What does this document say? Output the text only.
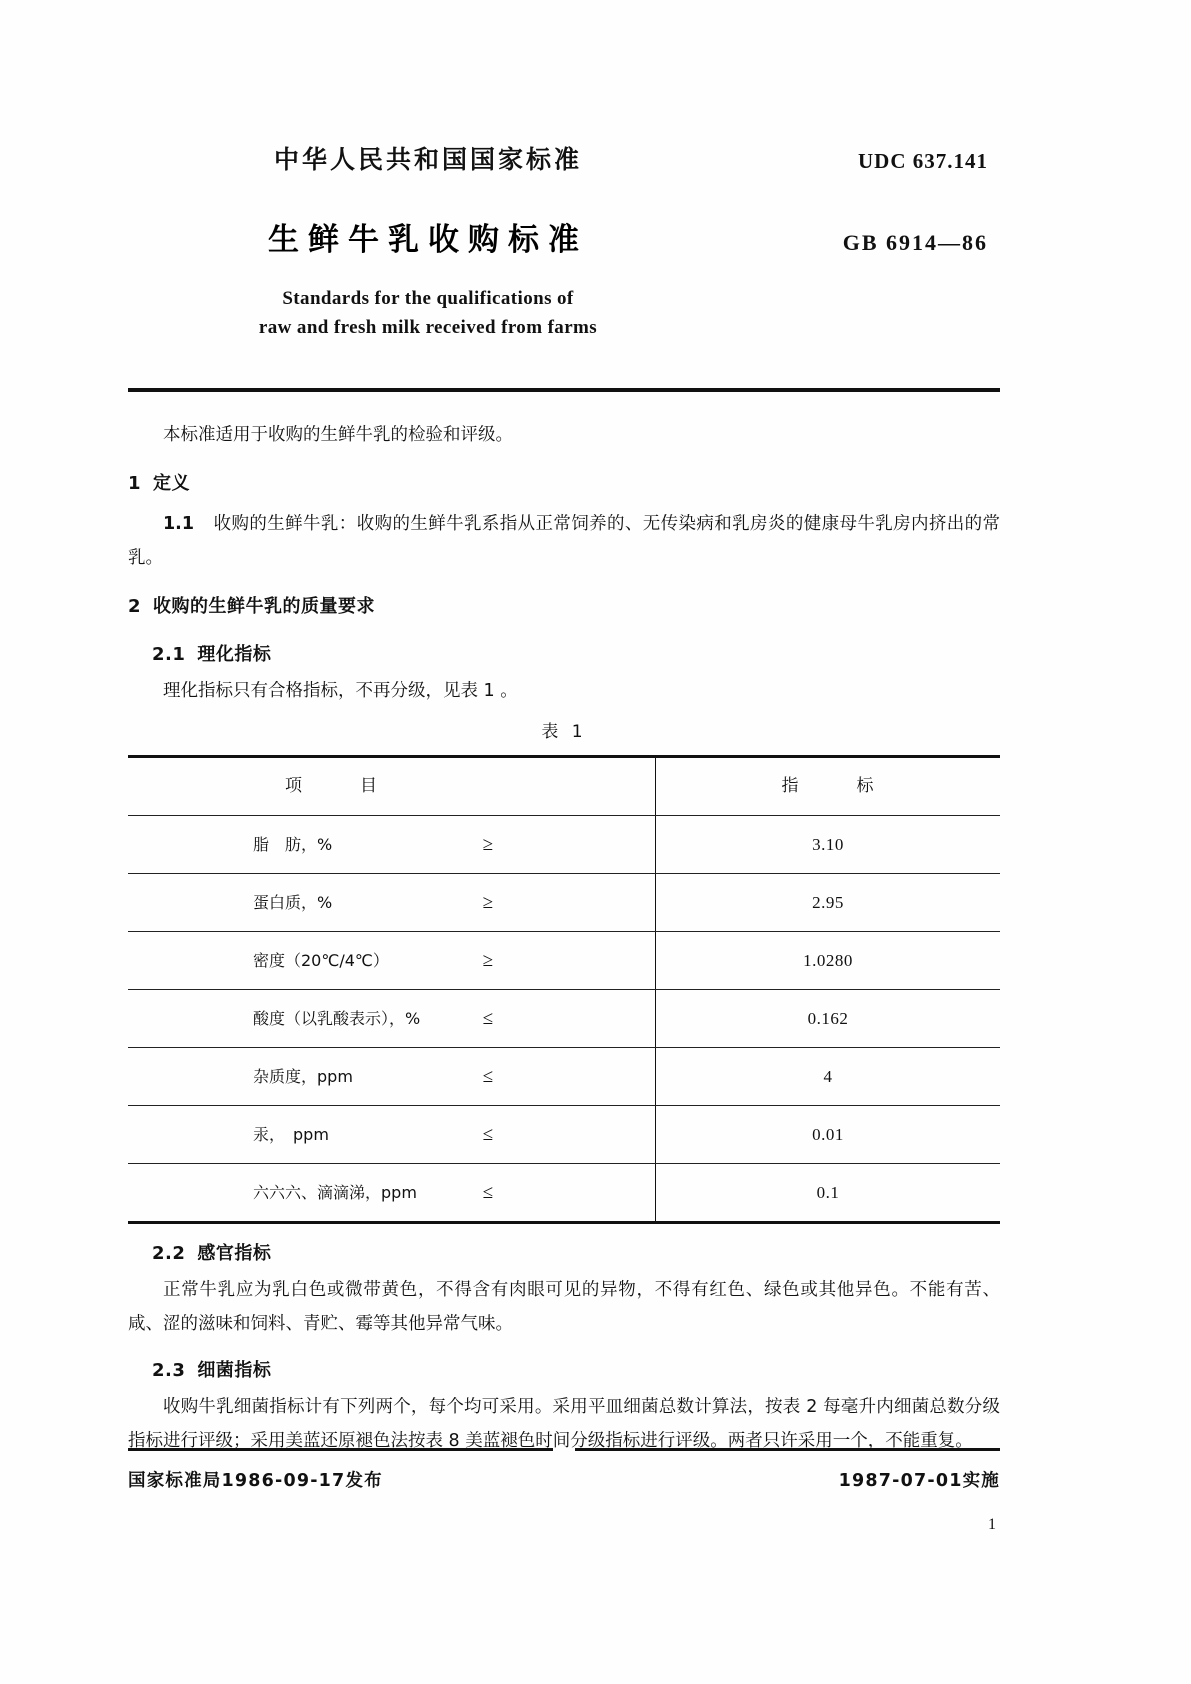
中华人民共和国国家标准	UDC 637.141
生鲜牛乳收购标准	GB 6914—86
Standards for the qualifications of
raw and fresh milk received from farms

本标准适用于收购的生鲜牛乳的检验和评级。

1 定义

1.1 收购的生鲜牛乳：收购的生鲜牛乳系指从正常饲养的、无传染病和乳房炎的健康母牛乳房内挤出的常乳。

2 收购的生鲜牛乳的质量要求
2.1 理化指标

理化指标只有合格指标，不再分级，见表 1 。

表 1
项 目	指 标

脂　肪，% ≥	3.10

蛋白质，% ≥	2.95

密度（20℃/4℃） ≥	1.0280

酸度（以乳酸表示），% ≤	0.162

杂质度，ppm ≤	4

汞，　ppm ≤	0.01

六六六、滴滴涕，ppm ≤	0.1
2.2 感官指标

正常牛乳应为乳白色或微带黄色，不得含有肉眼可见的异物，不得有红色、绿色或其他异色。不能有苦、咸、涩的滋味和饲料、青贮、霉等其他异常气味。

2.3 细菌指标

收购牛乳细菌指标计有下列两个，每个均可采用。采用平皿细菌总数计算法，按表 2 每毫升内细菌总数分级指标进行评级；采用美蓝还原褪色法按表 8 美蓝褪色时间分级指标进行评级。两者只许采用一个，不能重复。

国家标准局1986-09-17发布	1987-07-01实施
1
